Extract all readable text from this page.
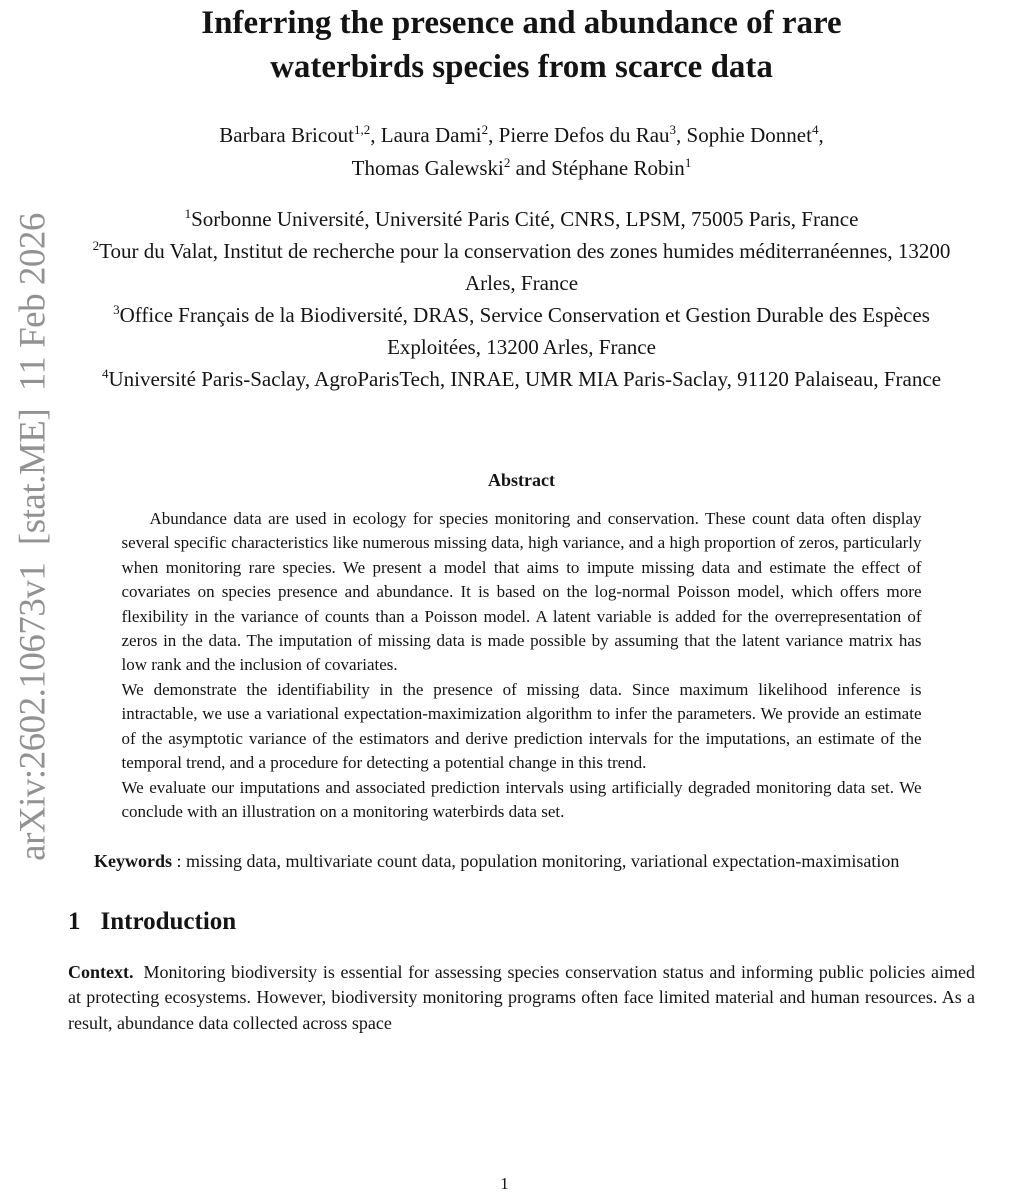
arXiv:2602.10673v1  [stat.ME]  11 Feb 2026
Inferring the presence and abundance of rare
waterbirds species from scarce data
Barbara Bricout$^{1,2}$, Laura Dami$^2$, Pierre Defos du Rau$^3$, Sophie Donnet$^4$,
Thomas Galewski$^2$ and Stéphane Robin$^1$
$^1$Sorbonne Université, Université Paris Cité, CNRS, LPSM, 75005 Paris, France
$^2$Tour du Valat, Institut de recherche pour la conservation des zones humides méditerranéennes, 13200 Arles, France
$^3$Office Français de la Biodiversité, DRAS, Service Conservation et Gestion Durable des Espèces Exploitées, 13200 Arles, France
$^4$Université Paris-Saclay, AgroParisTech, INRAE, UMR MIA Paris-Saclay, 91120 Palaiseau, France
Abstract

Abundance data are used in ecology for species monitoring and conservation. These count data often display several specific characteristics like numerous missing data, high variance, and a high proportion of zeros, particularly when monitoring rare species. We present a model that aims to impute missing data and estimate the effect of covariates on species presence and abundance. It is based on the log-normal Poisson model, which offers more flexibility in the variance of counts than a Poisson model. A latent variable is added for the overrepresentation of zeros in the data. The imputation of missing data is made possible by assuming that the latent variance matrix has low rank and the inclusion of covariates.

We demonstrate the identifiability in the presence of missing data. Since maximum likelihood inference is intractable, we use a variational expectation-maximization algorithm to infer the parameters. We provide an estimate of the asymptotic variance of the estimators and derive prediction intervals for the imputations, an estimate of the temporal trend, and a procedure for detecting a potential change in this trend.

We evaluate our imputations and associated prediction intervals using artificially degraded monitoring data set. We conclude with an illustration on a monitoring waterbirds data set.

Keywords : missing data, multivariate count data, population monitoring, variational expectation-maximisation

1 Introduction

Context. Monitoring biodiversity is essential for assessing species conservation status and informing public policies aimed at protecting ecosystems. However, biodiversity monitoring programs often face limited material and human resources. As a result, abundance data collected across space

1
